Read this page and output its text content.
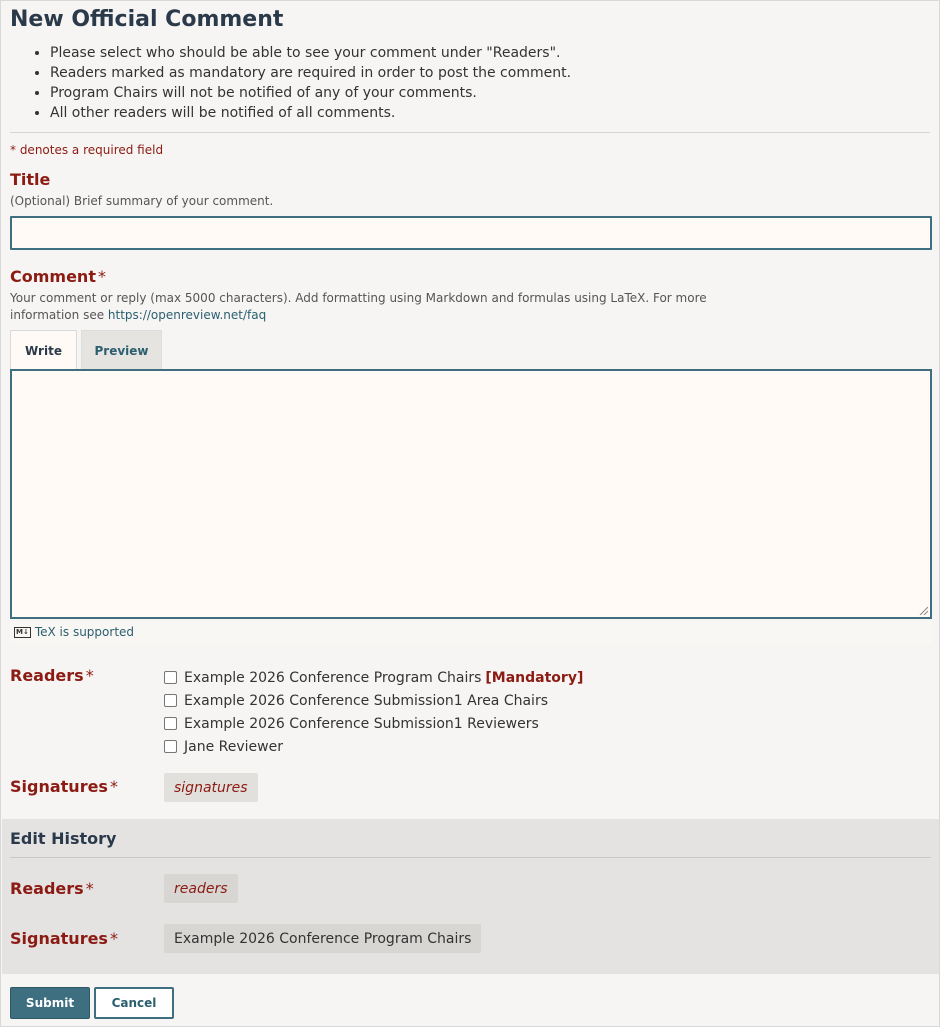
New Official Comment
• Please select who should be able to see your comment under "Readers".
• Readers marked as mandatory are required in order to post the comment.
• Program Chairs will not be notified of any of your comments.
• All other readers will be notified of all comments.
* denotes a required field
Title
(Optional) Brief summary of your comment.
Comment *
Your comment or reply (max 5000 characters). Add formatting using Markdown and formulas using LaTeX. For more information see https://openreview.net/faq
Write	Preview
M↓ TeX is supported
Readers *	Example 2026 Conference Program Chairs [Mandatory]
Example 2026 Conference Submission1 Area Chairs
Example 2026 Conference Submission1 Reviewers
Jane Reviewer
Signatures *	signatures
Edit History
Readers *	readers
Signatures *	Example 2026 Conference Program Chairs
Submit	Cancel
